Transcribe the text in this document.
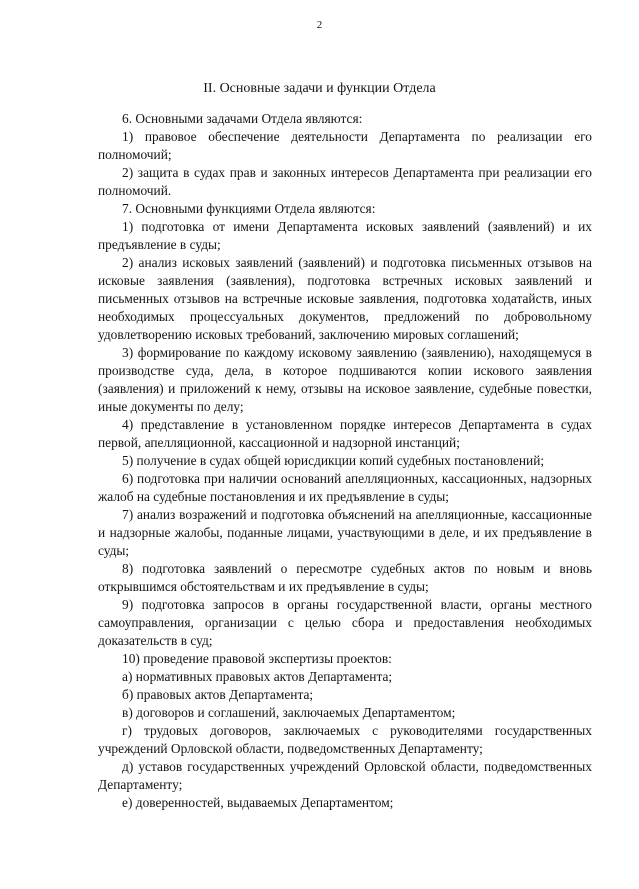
2
II. Основные задачи и функции Отдела

6. Основными задачами Отдела являются:

1) правовое обеспечение деятельности Департамента по реализации его полномочий;

2) защита в судах прав и законных интересов Департамента при реализации его полномочий.

7. Основными функциями Отдела являются:

1) подготовка от имени Департамента исковых заявлений (заявлений) и их предъявление в суды;

2) анализ исковых заявлений (заявлений) и подготовка письменных отзывов на исковые заявления (заявления), подготовка встречных исковых заявлений и письменных отзывов на встречные исковые заявления, подготовка ходатайств, иных необходимых процессуальных документов, предложений по добровольному удовлетворению исковых требований, заключению мировых соглашений;

3) формирование по каждому исковому заявлению (заявлению), находящемуся в производстве суда, дела, в которое подшиваются копии искового заявления (заявления) и приложений к нему, отзывы на исковое заявление, судебные повестки, иные документы по делу;

4) представление в установленном порядке интересов Департамента в судах первой, апелляционной, кассационной и надзорной инстанций;

5) получение в судах общей юрисдикции копий судебных постановлений;

6) подготовка при наличии оснований апелляционных, кассационных, надзорных жалоб на судебные постановления и их предъявление в суды;

7) анализ возражений и подготовка объяснений на апелляционные, кассационные и надзорные жалобы, поданные лицами, участвующими в деле, и их предъявление в суды;

8) подготовка заявлений о пересмотре судебных актов по новым и вновь открывшимся обстоятельствам и их предъявление в суды;

9) подготовка запросов в органы государственной власти, органы местного самоуправления, организации с целью сбора и предоставления необходимых доказательств в суд;

10) проведение правовой экспертизы проектов:

а) нормативных правовых актов Департамента;

б) правовых актов Департамента;

в) договоров и соглашений, заключаемых Департаментом;

г) трудовых договоров, заключаемых с руководителями государственных учреждений Орловской области, подведомственных Департаменту;

д) уставов государственных учреждений Орловской области, подведомственных Департаменту;

е) доверенностей, выдаваемых Департаментом;
